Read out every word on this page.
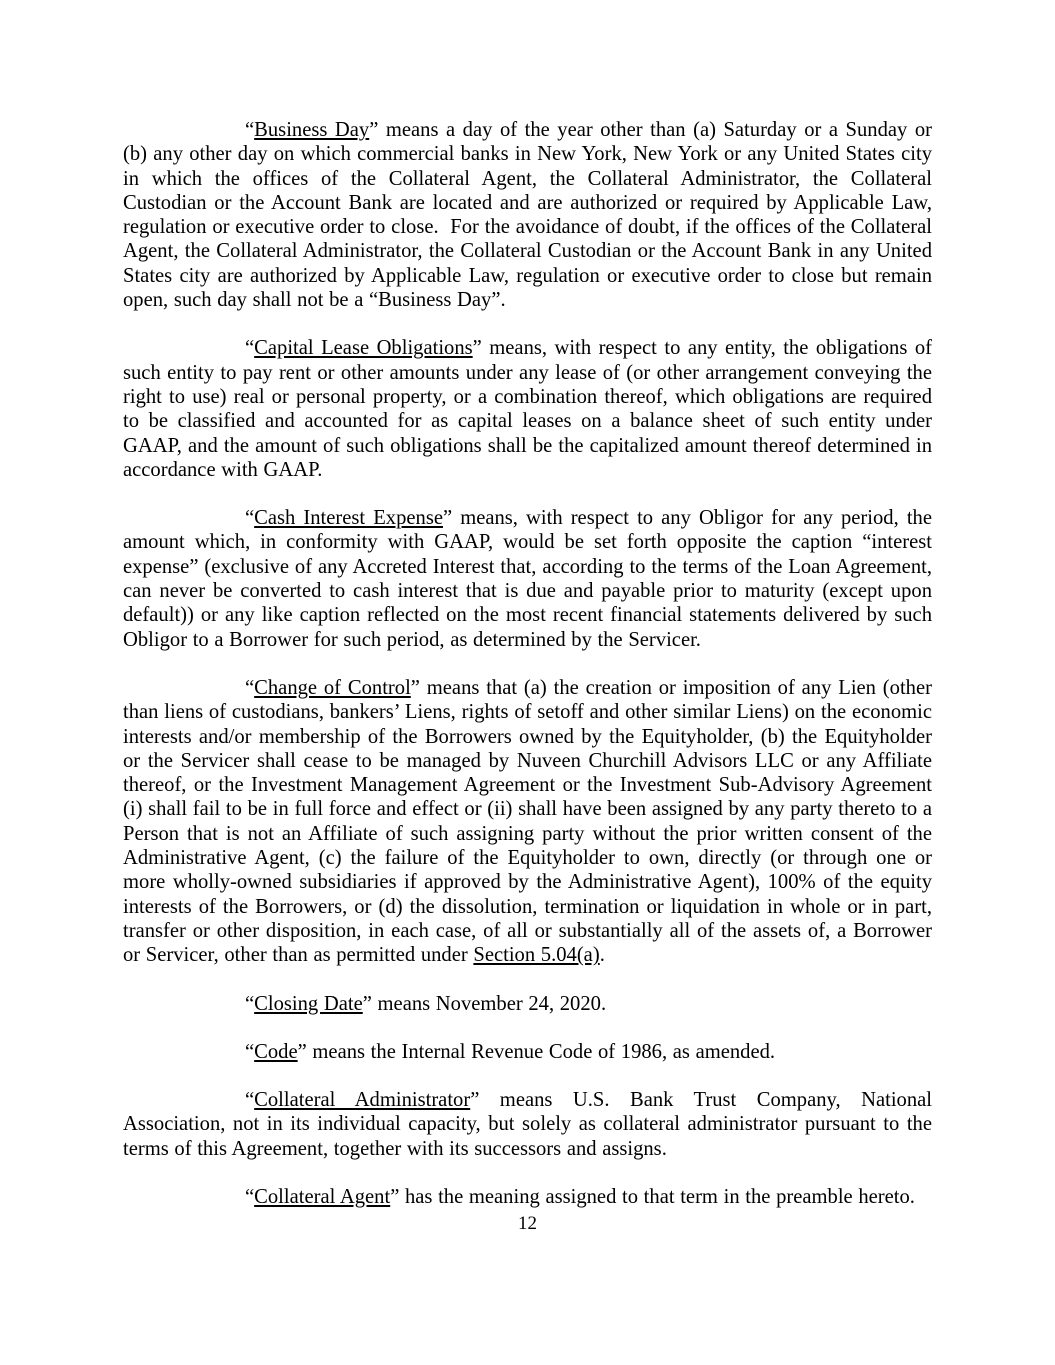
“Business Day” means a day of the year other than (a) Saturday or a Sunday or (b) any other day on which commercial banks in New York, New York or any United States city in which the offices of the Collateral Agent, the Collateral Administrator, the Collateral Custodian or the Account Bank are located and are authorized or required by Applicable Law, regulation or executive order to close.  For the avoidance of doubt, if the offices of the Collateral Agent, the Collateral Administrator, the Collateral Custodian or the Account Bank in any United States city are authorized by Applicable Law, regulation or executive order to close but remain open, such day shall not be a “Business Day”.

“Capital Lease Obligations” means, with respect to any entity, the obligations of such entity to pay rent or other amounts under any lease of (or other arrangement conveying the right to use) real or personal property, or a combination thereof, which obligations are required to be classified and accounted for as capital leases on a balance sheet of such entity under GAAP, and the amount of such obligations shall be the capitalized amount thereof determined in accordance with GAAP.

“Cash Interest Expense” means, with respect to any Obligor for any period, the amount which, in conformity with GAAP, would be set forth opposite the caption “interest expense” (exclusive of any Accreted Interest that, according to the terms of the Loan Agreement, can never be converted to cash interest that is due and payable prior to maturity (except upon default)) or any like caption reflected on the most recent financial statements delivered by such Obligor to a Borrower for such period, as determined by the Servicer.

“Change of Control” means that (a) the creation or imposition of any Lien (other than liens of custodians, bankers’ Liens, rights of setoff and other similar Liens) on the economic interests and/or membership of the Borrowers owned by the Equityholder, (b) the Equityholder or the Servicer shall cease to be managed by Nuveen Churchill Advisors LLC or any Affiliate thereof, or the Investment Management Agreement or the Investment Sub-Advisory Agreement (i) shall fail to be in full force and effect or (ii) shall have been assigned by any party thereto to a Person that is not an Affiliate of such assigning party without the prior written consent of the Administrative Agent, (c) the failure of the Equityholder to own, directly (or through one or more wholly-owned subsidiaries if approved by the Administrative Agent), 100% of the equity interests of the Borrowers, or (d) the dissolution, termination or liquidation in whole or in part, transfer or other disposition, in each case, of all or substantially all of the assets of, a Borrower or Servicer, other than as permitted under Section 5.04(a).

“Closing Date” means November 24, 2020.

“Code” means the Internal Revenue Code of 1986, as amended.

“Collateral Administrator” means U.S. Bank Trust Company, National Association, not in its individual capacity, but solely as collateral administrator pursuant to the terms of this Agreement, together with its successors and assigns.

“Collateral Agent” has the meaning assigned to that term in the preamble hereto.

12
